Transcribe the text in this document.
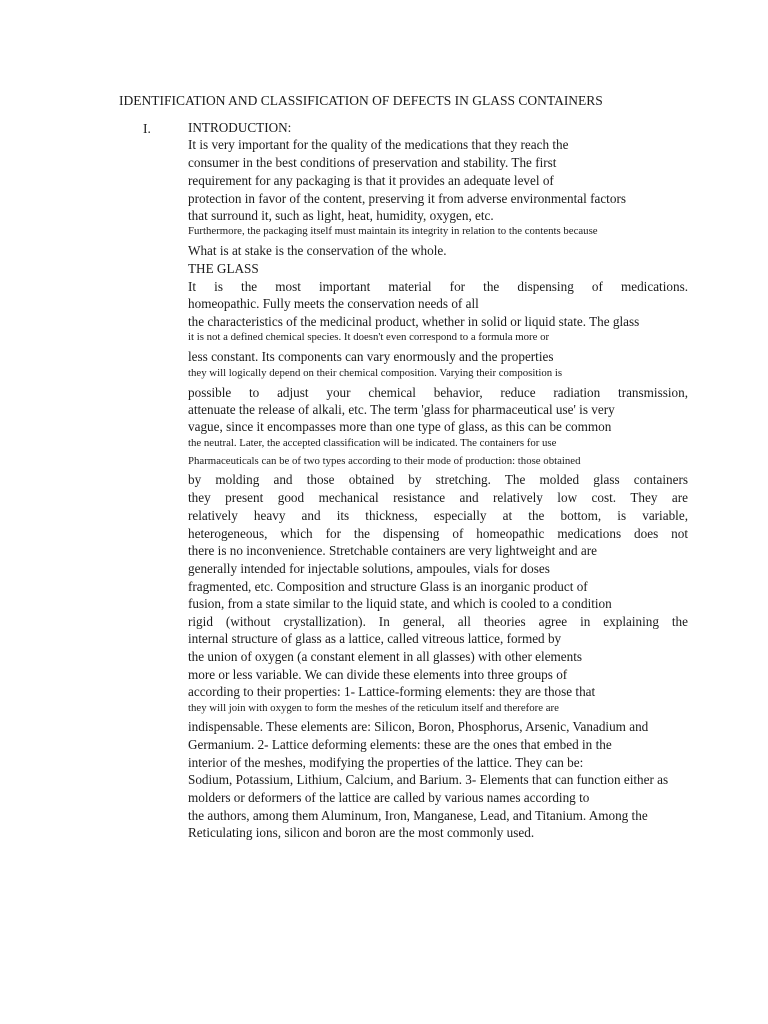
IDENTIFICATION AND CLASSIFICATION OF DEFECTS IN GLASS CONTAINERS
I.	INTRODUCTION:
It is very important for the quality of the medications that they reach the
consumer in the best conditions of preservation and stability. The first
requirement for any packaging is that it provides an adequate level of
protection in favor of the content, preserving it from adverse environmental factors
that surround it, such as light, heat, humidity, oxygen, etc.
Furthermore, the packaging itself must maintain its integrity in relation to the contents because
What is at stake is the conservation of the whole.
THE GLASS
It is the most important material for the dispensing of medications.
homeopathic. Fully meets the conservation needs of all
the characteristics of the medicinal product, whether in solid or liquid state. The glass
it is not a defined chemical species. It doesn't even correspond to a formula more or
less constant. Its components can vary enormously and the properties
they will logically depend on their chemical composition. Varying their composition is
possible to adjust your chemical behavior, reduce radiation transmission,
attenuate the release of alkali, etc. The term 'glass for pharmaceutical use' is very
vague, since it encompasses more than one type of glass, as this can be common
the neutral. Later, the accepted classification will be indicated. The containers for use
Pharmaceuticals can be of two types according to their mode of production: those obtained
by molding and those obtained by stretching. The molded glass containers
they present good mechanical resistance and relatively low cost. They are
relatively heavy and its thickness, especially at the bottom, is variable,
heterogeneous, which for the dispensing of homeopathic medications does not
there is no inconvenience. Stretchable containers are very lightweight and are
generally intended for injectable solutions, ampoules, vials for doses
fragmented, etc. Composition and structure Glass is an inorganic product of
fusion, from a state similar to the liquid state, and which is cooled to a condition
rigid (without crystallization). In general, all theories agree in explaining the
internal structure of glass as a lattice, called vitreous lattice, formed by
the union of oxygen (a constant element in all glasses) with other elements
more or less variable. We can divide these elements into three groups of
according to their properties: 1- Lattice-forming elements: they are those that
they will join with oxygen to form the meshes of the reticulum itself and therefore are
indispensable. These elements are: Silicon, Boron, Phosphorus, Arsenic, Vanadium and
Germanium. 2- Lattice deforming elements: these are the ones that embed in the
interior of the meshes, modifying the properties of the lattice. They can be:
Sodium, Potassium, Lithium, Calcium, and Barium. 3- Elements that can function either as
molders or deformers of the lattice are called by various names according to
the authors, among them Aluminum, Iron, Manganese, Lead, and Titanium. Among the
Reticulating ions, silicon and boron are the most commonly used.
